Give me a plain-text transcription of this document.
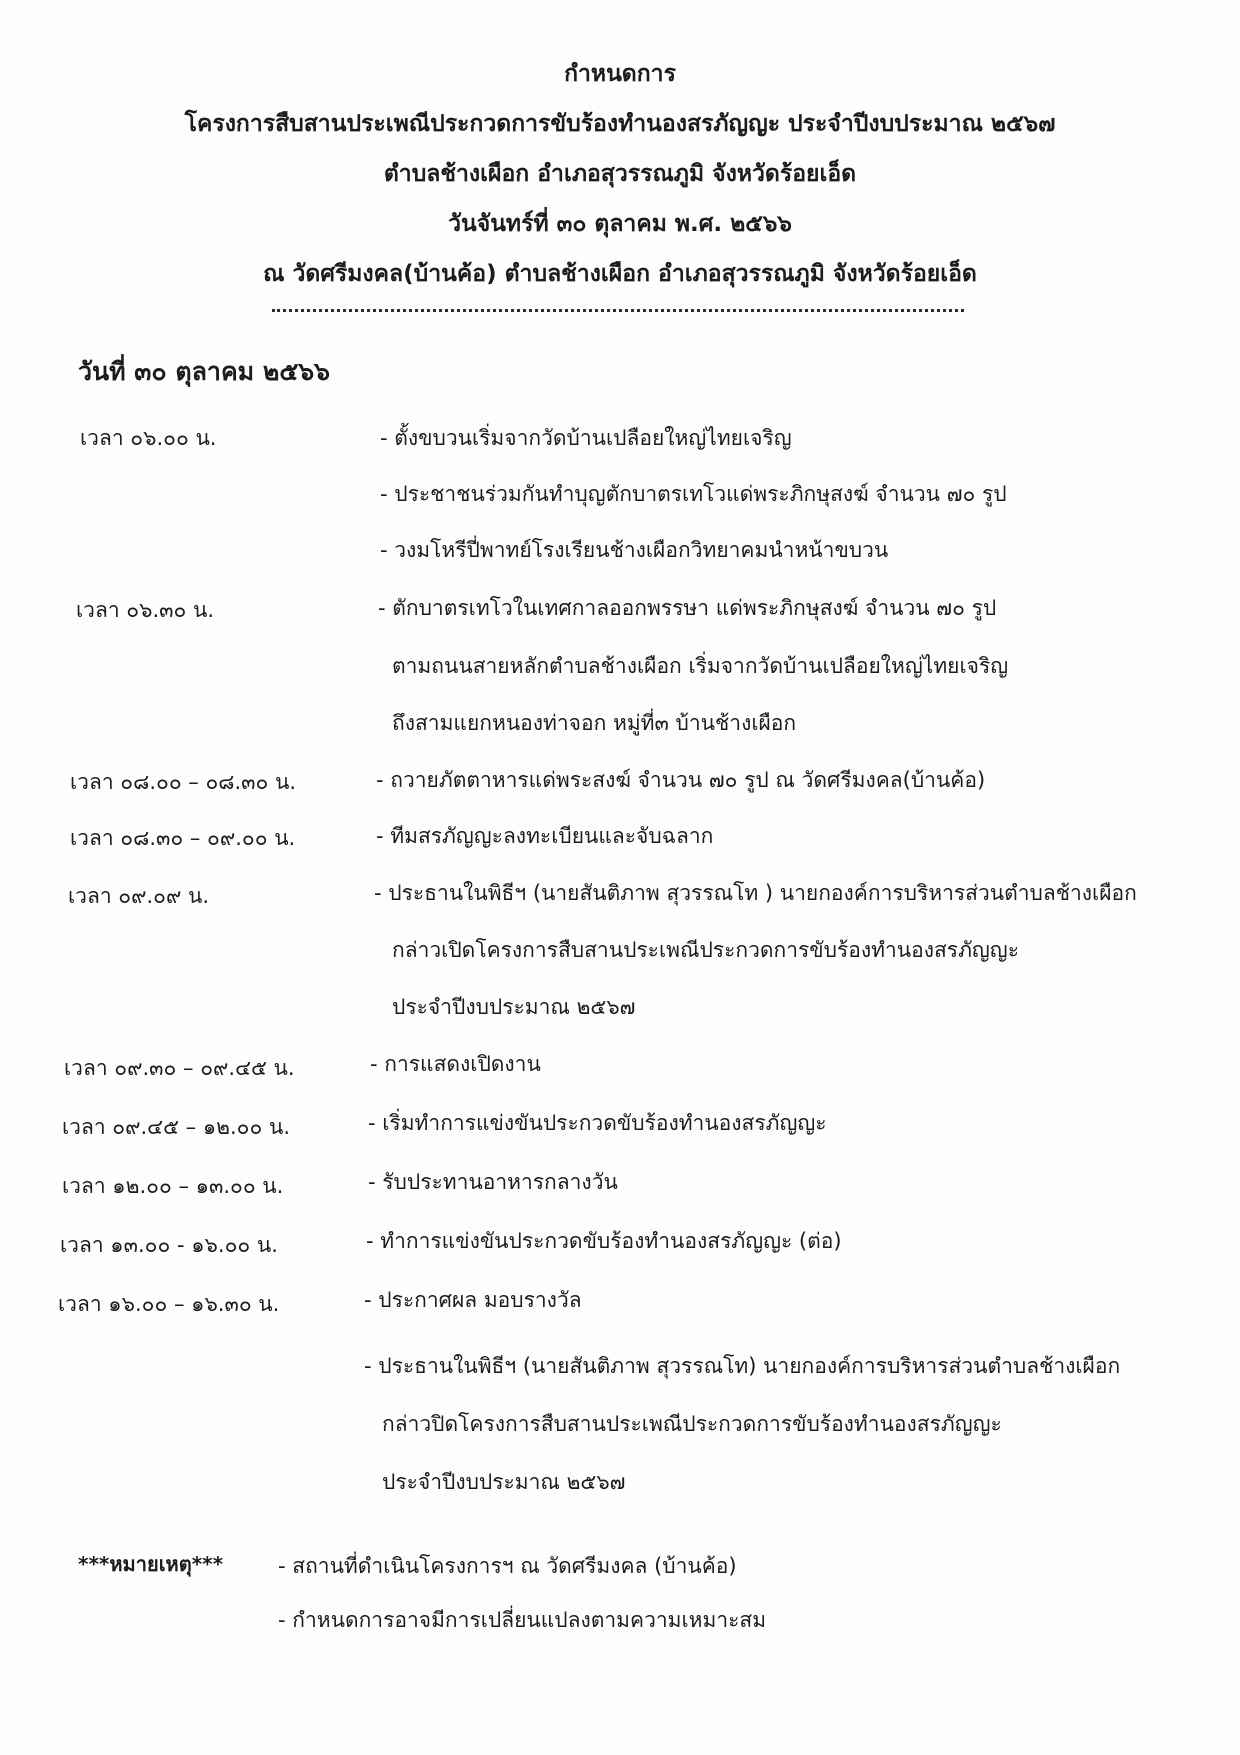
กำหนดการ
โครงการสืบสานประเพณีประกวดการขับร้องทำนองสรภัญญะ ประจำปีงบประมาณ ๒๕๖๗
ตำบลช้างเผือก อำเภอสุวรรณภูมิ จังหวัดร้อยเอ็ด
วันจันทร์ที่ ๓๐ ตุลาคม พ.ศ. ๒๕๖๖
ณ วัดศรีมงคล(บ้านค้อ) ตำบลช้างเผือก อำเภอสุวรรณภูมิ จังหวัดร้อยเอ็ด
วันที่ ๓๐ ตุลาคม ๒๕๖๖
เวลา ๐๖.๐๐ น.	- ตั้งขบวนเริ่มจากวัดบ้านเปลือยใหญ่ไทยเจริญ
- ประชาชนร่วมกันทำบุญตักบาตรเทโวแด่พระภิกษุสงฆ์ จำนวน ๗๐ รูป
- วงมโหรีปี่พาทย์โรงเรียนช้างเผือกวิทยาคมนำหน้าขบวน
เวลา ๐๖.๓๐ น.	- ตักบาตรเทโวในเทศกาลออกพรรษา แด่พระภิกษุสงฆ์ จำนวน ๗๐ รูป
ตามถนนสายหลักตำบลช้างเผือก เริ่มจากวัดบ้านเปลือยใหญ่ไทยเจริญ
ถึงสามแยกหนองท่าจอก หมู่ที่๓ บ้านช้างเผือก
เวลา ๐๘.๐๐ – ๐๘.๓๐ น.	- ถวายภัตตาหารแด่พระสงฆ์ จำนวน ๗๐ รูป ณ วัดศรีมงคล(บ้านค้อ)
เวลา ๐๘.๓๐ – ๐๙.๐๐ น.	- ทีมสรภัญญะลงทะเบียนและจับฉลาก
เวลา ๐๙.๐๙ น.	- ประธานในพิธีฯ (นายสันติภาพ สุวรรณโท ) นายกองค์การบริหารส่วนตำบลช้างเผือก
กล่าวเปิดโครงการสืบสานประเพณีประกวดการขับร้องทำนองสรภัญญะ
ประจำปีงบประมาณ ๒๕๖๗
เวลา ๐๙.๓๐ – ๐๙.๔๕ น.	- การแสดงเปิดงาน
เวลา ๐๙.๔๕ – ๑๒.๐๐ น.	- เริ่มทำการแข่งขันประกวดขับร้องทำนองสรภัญญะ
เวลา ๑๒.๐๐ – ๑๓.๐๐ น.	- รับประทานอาหารกลางวัน
เวลา ๑๓.๐๐ - ๑๖.๐๐ น.	- ทำการแข่งขันประกวดขับร้องทำนองสรภัญญะ (ต่อ)
เวลา ๑๖.๐๐ – ๑๖.๓๐ น.	- ประกาศผล มอบรางวัล
- ประธานในพิธีฯ (นายสันติภาพ สุวรรณโท) นายกองค์การบริหารส่วนตำบลช้างเผือก
กล่าวปิดโครงการสืบสานประเพณีประกวดการขับร้องทำนองสรภัญญะ
ประจำปีงบประมาณ ๒๕๖๗
***หมายเหตุ***	- สถานที่ดำเนินโครงการฯ ณ วัดศรีมงคล (บ้านค้อ)
- กำหนดการอาจมีการเปลี่ยนแปลงตามความเหมาะสม
